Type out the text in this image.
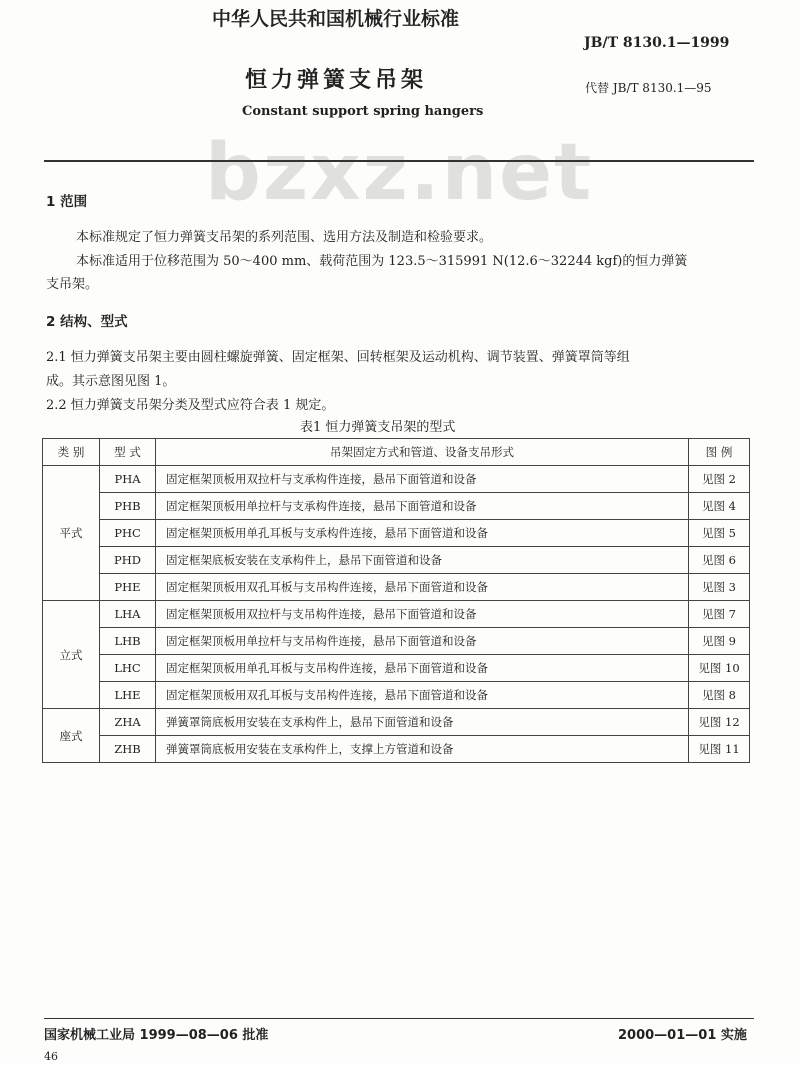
bzxz.net
中华人民共和国机械行业标准
JB/T 8130.1—1999
恒力弹簧支吊架	代替 JB/T 8130.1—95
Constant support spring hangers
1 范围
本标准规定了恒力弹簧支吊架的系列范围、选用方法及制造和检验要求。
本标准适用于位移范围为 50～400 mm、载荷范围为 123.5～315991 N(12.6～32244 kgf)的恒力弹簧
支吊架。
2 结构、型式
2.1 恒力弹簧支吊架主要由圆柱螺旋弹簧、固定框架、回转框架及运动机构、调节装置、弹簧罩筒等组
成。其示意图见图 1。
2.2 恒力弹簧支吊架分类及型式应符合表 1 规定。
表1 恒力弹簧支吊架的型式
类 别	型 式	吊架固定方式和管道、设备支吊形式	图 例
平式	PHA	固定框架顶板用双拉杆与支承构件连接，悬吊下面管道和设备	见图 2
	PHB	固定框架顶板用单拉杆与支承构件连接，悬吊下面管道和设备	见图 4
	PHC	固定框架顶板用单孔耳板与支承构件连接，悬吊下面管道和设备	见图 5
	PHD	固定框架底板安装在支承构件上，悬吊下面管道和设备	见图 6
	PHE	固定框架顶板用双孔耳板与支吊构件连接，悬吊下面管道和设备	见图 3
立式	LHA	固定框架顶板用双拉杆与支吊构件连接，悬吊下面管道和设备	见图 7
	LHB	固定框架顶板用单拉杆与支吊构件连接，悬吊下面管道和设备	见图 9
	LHC	固定框架顶板用单孔耳板与支吊构件连接，悬吊下面管道和设备	见图 10
	LHE	固定框架顶板用双孔耳板与支吊构件连接，悬吊下面管道和设备	见图 8
座式	ZHA	弹簧罩筒底板用安装在支承构件上，悬吊下面管道和设备	见图 12
	ZHB	弹簧罩筒底板用安装在支承构件上，支撑上方管道和设备	见图 11
国家机械工业局 1999—08—06 批准	2000—01—01 实施
46
